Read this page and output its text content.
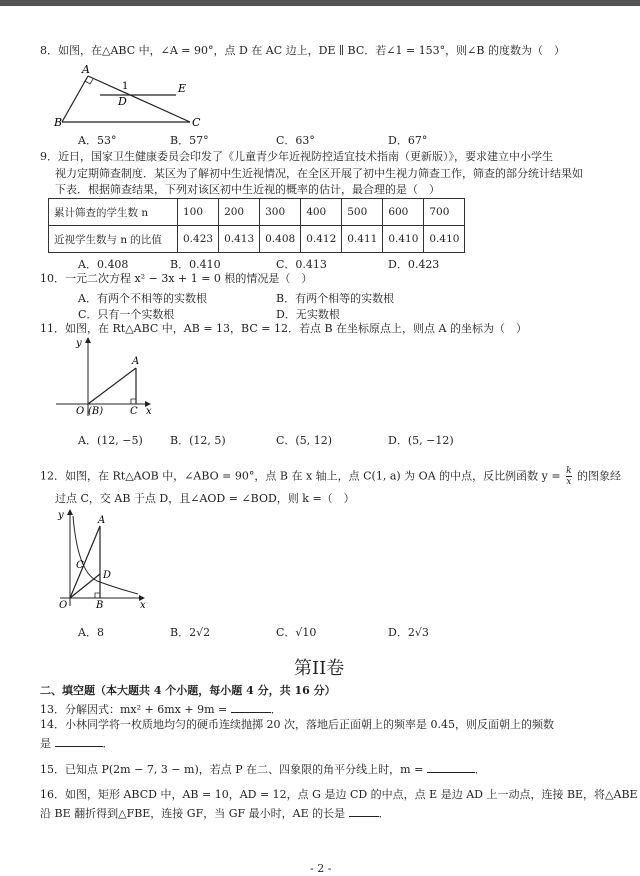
8．如图，在△ABC 中，∠A = 90°，点 D 在 AC 边上，DE ∥ BC．若∠1 = 153°，则∠B 的度数为（　）
A
B	C
D
E
1
A．53°	B．57°	C．63°	D．67°
9．近日，国家卫生健康委员会印发了《儿童青少年近视防控适宜技术指南（更新版）》，要求建立中小学生
视力定期筛查制度．某区为了解初中生近视情况，在全区开展了初中生视力筛查工作，筛查的部分统计结果如
下表．根据筛查结果，下列对该区初中生近视的概率的估计，最合理的是（　）
累计筛查的学生数 n	100	200	300	400	500	600	700
近视学生数与 n 的比值	0.423	0.413	0.408	0.412	0.411	0.410	0.410
A．0.408	B．0.410	C．0.413	D．0.423
10．一元二次方程 x² − 3x + 1 = 0 根的情况是（　）
A．有两个不相等的实数根	B．有两个相等的实数根
C．只有一个实数根	D．无实数根
11．如图，在 Rt△ABC 中，AB = 13，BC = 12．若点 B 在坐标原点上，则点 A 的坐标为（　）
y
x
O (B)	C
A
A．(12, −5) B．(12, 5)	C．(5, 12)	D．(5, −12)
12．如图，在 Rt△AOB 中，∠ABO = 90°，点 B 在 x 轴上，点 C(1, a) 为 OA 的中点，反比例函数 $y = \frac{k}{x}$ 的图象经
过点 C，交 AB 于点 D，且∠AOD = ∠BOD，则 k =（　）
y
x
O
A
B
C
D
A．8	B．2√2	C．√10	D．2√3
第II卷
二、填空题（本大题共 4 个小题，每小题 4 分，共 16 分）
13．分解因式：mx² + 6mx + 9m =	．
14．小林同学将一枚质地均匀的硬币连续抛掷 20 次，落地后正面朝上的频率是 0.45，则反面朝上的频数
是	．
15．已知点 P(2m − 7, 3 − m)，若点 P 在二、四象限的角平分线上时，m =	．
16．如图，矩形 ABCD 中，AB = 10，AD = 12，点 G 是边 CD 的中点，点 E 是边 AD 上一动点，连接 BE，将△ABE
沿 BE 翻折得到△FBE，连接 GF，当 GF 最小时，AE 的长是	．
- 2 -
